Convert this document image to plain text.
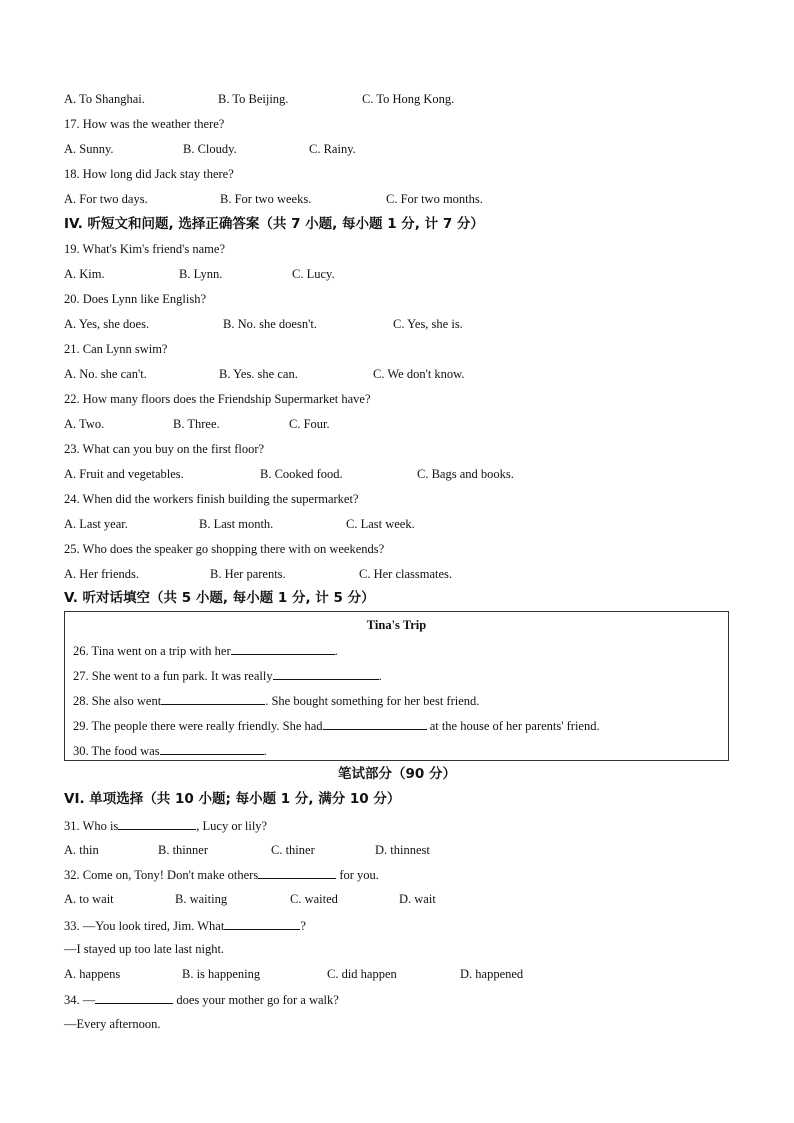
A. To Shanghai.	B. To Beijing.	C. To Hong Kong.
17. How was the weather there?
A. Sunny.	B. Cloudy.	C. Rainy.
18. How long did Jack stay there?
A. For two days.	B. For two weeks.	C. For two months.
IV. 听短文和问题, 选择正确答案（共 7 小题, 每小题 1 分, 计 7 分）
19. What's Kim's friend's name?
A. Kim.	B. Lynn.	C. Lucy.
20. Does Lynn like English?
A. Yes, she does.	B. No. she doesn't.	C. Yes, she is.
21. Can Lynn swim?
A. No. she can't.	B. Yes. she can.	C. We don't know.
22. How many floors does the Friendship Supermarket have?
A. Two.	B. Three.	C. Four.
23. What can you buy on the first floor?
A. Fruit and vegetables.	B. Cooked food.	C. Bags and books.
24. When did the workers finish building the supermarket?
A. Last year.	B. Last month.	C. Last week.
25. Who does the speaker go shopping there with on weekends?
A. Her friends.	B. Her parents.	C. Her classmates.
V. 听对话填空（共 5 小题, 每小题 1 分, 计 5 分）
Tina's Trip
26. Tina went on a trip with her	.
27. She went to a fun park. It was really	.
28. She also went	. She bought something for her best friend.
29. The people there were really friendly. She had	at the house of her parents' friend.
30. The food was	.
笔试部分（90 分）
VI. 单项选择（共 10 小题; 每小题 1 分, 满分 10 分）
31. Who is	, Lucy or lily?
A. thin	B. thinner	C. thiner	D. thinnest
32. Come on, Tony! Don't make others	for you.
A. to wait	B. waiting	C. waited	D. wait
33. —You look tired, Jim. What	?
—I stayed up too late last night.
A. happens	B. is happening	C. did happen	D. happened
34. —	does your mother go for a walk?
—Every afternoon.
